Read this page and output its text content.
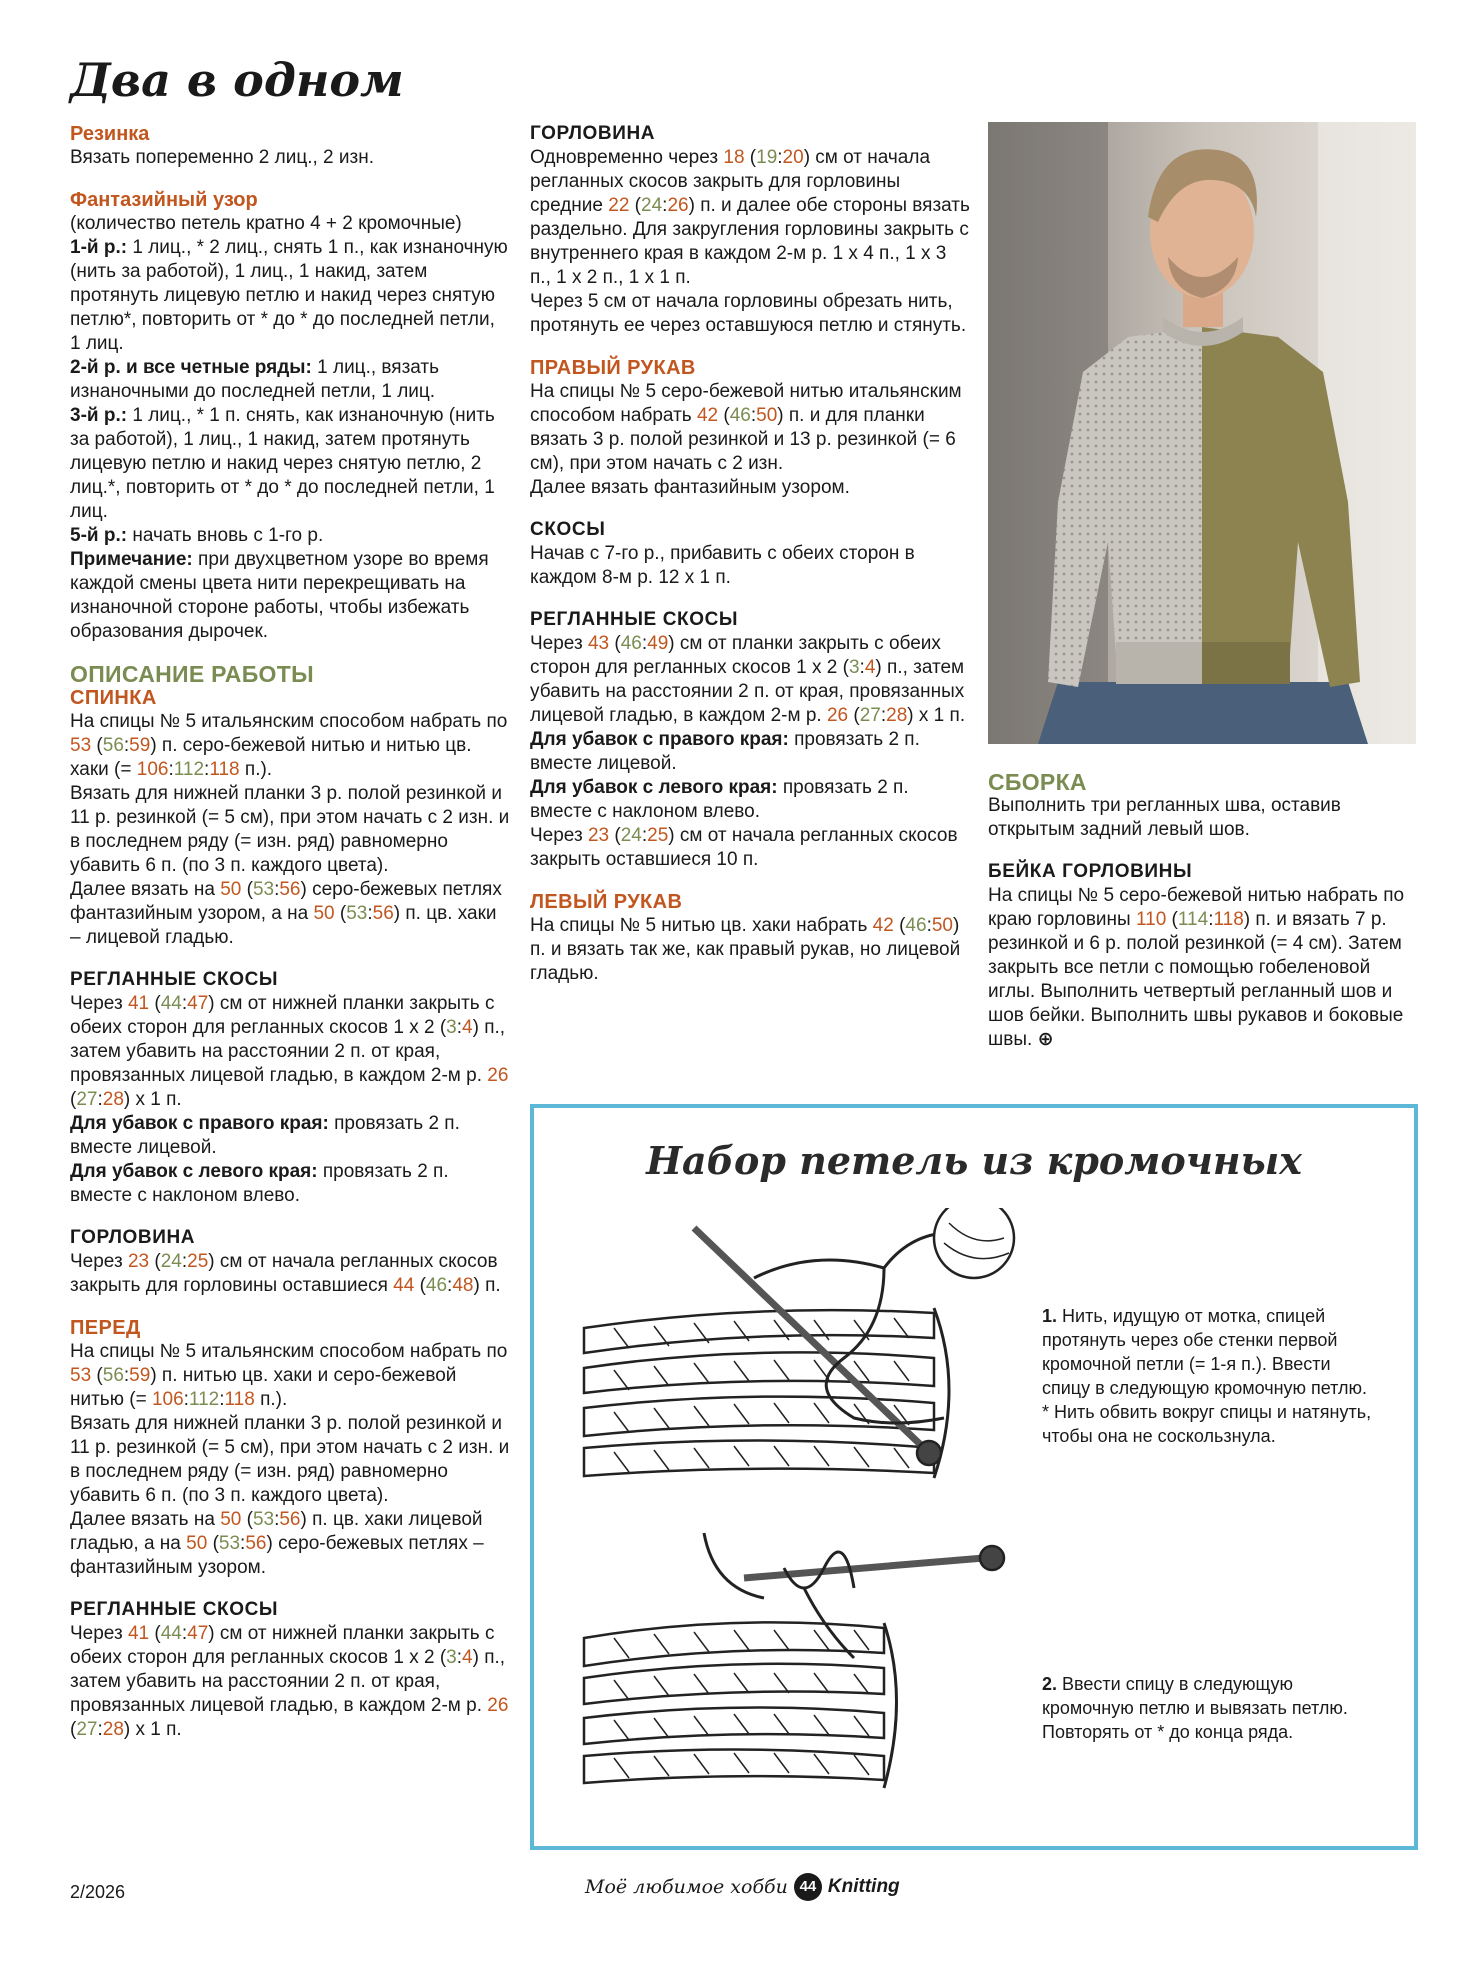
Два в одном
Резинка

Вязать попеременно 2 лиц., 2 изн.

Фантазийный узор

(количество петель кратно 4 + 2 кромочные)

1-й р.: 1 лиц., * 2 лиц., снять 1 п., как изнаночную (нить за работой), 1 лиц., 1 накид, затем протянуть лицевую петлю и накид через снятую петлю*, повторить от * до * до последней петли, 1 лиц.

2-й р. и все четные ряды: 1 лиц., вязать изнаночными до последней петли, 1 лиц.

3-й р.: 1 лиц., * 1 п. снять, как изнаночную (нить за работой), 1 лиц., 1 накид, затем протянуть лицевую петлю и накид через снятую петлю, 2 лиц.*, повторить от * до * до последней петли, 1 лиц.

5-й р.: начать вновь с 1-го р.

Примечание: при двухцветном узоре во время каждой смены цвета нити перекрещивать на изнаночной стороне работы, чтобы избежать образования дырочек.

ОПИСАНИЕ РАБОТЫ
СПИНКА

На спицы № 5 итальянским способом набрать по 53 (56:59) п. серо-бежевой нитью и нитью цв. хаки (= 106:112:118 п.).

Вязать для нижней планки 3 р. полой резинкой и 11 р. резинкой (= 5 см), при этом начать с 2 изн. и в последнем ряду (= изн. ряд) равномерно убавить 6 п. (по 3 п. каждого цвета).

Далее вязать на 50 (53:56) серо-бежевых петлях фантазийным узором, а на 50 (53:56) п. цв. хаки – лицевой гладью.

РЕГЛАННЫЕ СКОСЫ

Через 41 (44:47) см от нижней планки закрыть с обеих сторон для регланных скосов 1 х 2 (3:4) п., затем убавить на расстоянии 2 п. от края, провязанных лицевой гладью, в каждом 2-м р. 26 (27:28) х 1 п.

Для убавок с правого края: провязать 2 п. вместе лицевой.

Для убавок с левого края: провязать 2 п. вместе с наклоном влево.

ГОРЛОВИНА

Через 23 (24:25) см от начала регланных скосов закрыть для горловины оставшиеся 44 (46:48) п.

ПЕРЕД

На спицы № 5 итальянским способом набрать по 53 (56:59) п. нитью цв. хаки и серо-бежевой нитью (= 106:112:118 п.).

Вязать для нижней планки 3 р. полой резинкой и 11 р. резинкой (= 5 см), при этом начать с 2 изн. и в последнем ряду (= изн. ряд) равномерно убавить 6 п. (по 3 п. каждого цвета).

Далее вязать на 50 (53:56) п. цв. хаки лицевой гладью, а на 50 (53:56) серо-бежевых петлях – фантазийным узором.

РЕГЛАННЫЕ СКОСЫ

Через 41 (44:47) см от нижней планки закрыть с обеих сторон для регланных скосов 1 х 2 (3:4) п., затем убавить на расстоянии 2 п. от края, провязанных лицевой гладью, в каждом 2-м р. 26 (27:28) х 1 п.

ГОРЛОВИНА

Одновременно через 18 (19:20) см от начала регланных скосов закрыть для горловины средние 22 (24:26) п. и далее обе стороны вязать раздельно. Для закругления горловины закрыть с внутреннего края в каждом 2-м р. 1 х 4 п., 1 х 3 п., 1 х 2 п., 1 х 1 п.

Через 5 см от начала горловины обрезать нить, протянуть ее через оставшуюся петлю и стянуть.

ПРАВЫЙ РУКАВ

На спицы № 5 серо-бежевой нитью итальянским способом набрать 42 (46:50) п. и для планки вязать 3 р. полой резинкой и 13 р. резинкой (= 6 см), при этом начать с 2 изн.

Далее вязать фантазийным узором.

СКОСЫ

Начав с 7-го р., прибавить с обеих сторон в каждом 8-м р. 12 х 1 п.

РЕГЛАННЫЕ СКОСЫ

Через 43 (46:49) см от планки закрыть с обеих сторон для регланных скосов 1 х 2 (3:4) п., затем убавить на расстоянии 2 п. от края, провязанных лицевой гладью, в каждом 2-м р. 26 (27:28) х 1 п.

Для убавок с правого края: провязать 2 п. вместе лицевой.

Для убавок с левого края: провязать 2 п. вместе с наклоном влево.

Через 23 (24:25) см от начала регланных скосов закрыть оставшиеся 10 п.

ЛЕВЫЙ РУКАВ

На спицы № 5 нитью цв. хаки набрать 42 (46:50) п. и вязать так же, как правый рукав, но лицевой гладью.

СБОРКА

Выполнить три регланных шва, оставив открытым задний левый шов.

БЕЙКА ГОРЛОВИНЫ

На спицы № 5 серо-бежевой нитью набрать по краю горловины 110 (114:118) п. и вязать 7 р. резинкой и 6 р. полой резинкой (= 4 см). Затем закрыть все петли с помощью гобеленовой иглы. Выполнить четвертый регланный шов и шов бейки. Выполнить швы рукавов и боковые швы. ⊕

Набор петель из кромочных

1. Нить, идущую от мотка, спицей протянуть через обе стенки первой кромочной петли (= 1-я п.). Ввести спицу в следующую кромочную петлю.

* Нить обвить вокруг спицы и натянуть, чтобы она не соскользнула.

2. Ввести спицу в следующую кромочную петлю и вывязать петлю. Повторять от * до конца ряда.

2/2026	Моё любимое хобби 44 Knitting
